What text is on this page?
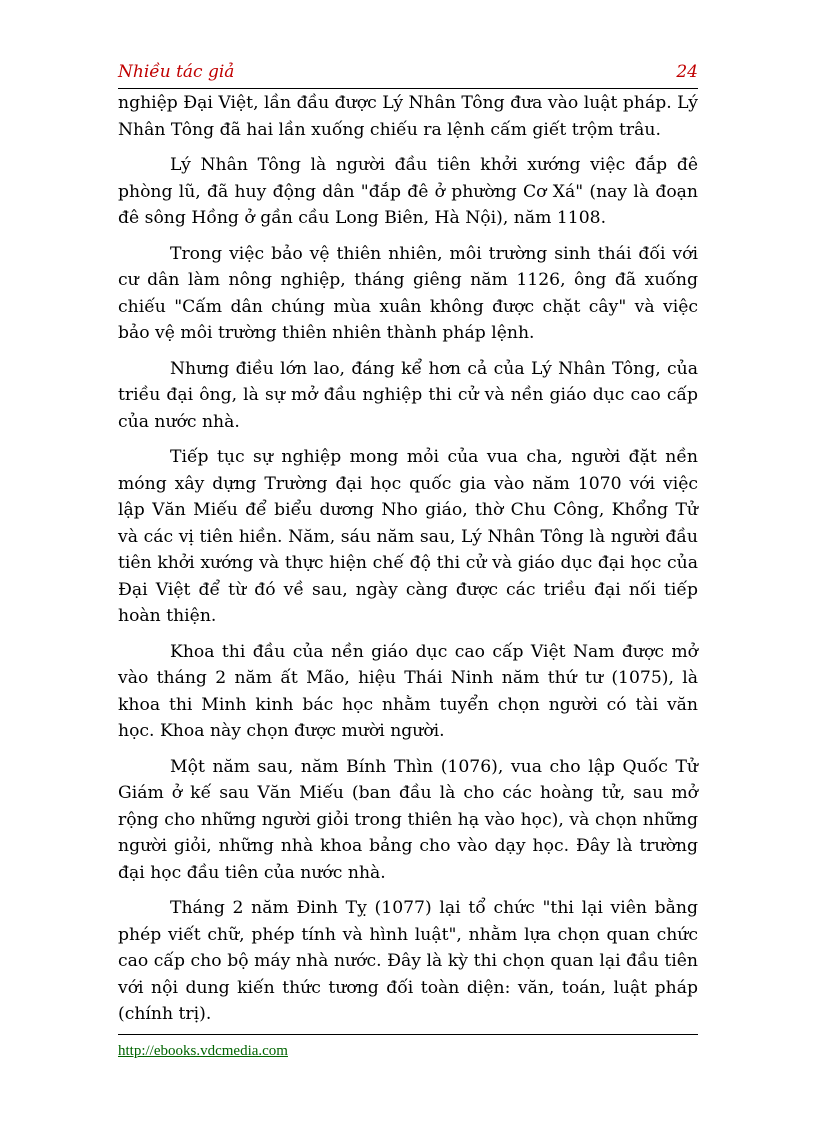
Nhiều tác giả	24

nghiệp Đại Việt, lần đầu được Lý Nhân Tông đưa vào luật pháp. Lý Nhân Tông đã hai lần xuống chiếu ra lệnh cấm giết trộm trâu.

Lý Nhân Tông là người đầu tiên khởi xướng việc đắp đê phòng lũ, đã huy động dân "đắp đê ở phường Cơ Xá" (nay là đoạn đê sông Hồng ở gần cầu Long Biên, Hà Nội), năm 1108.

Trong việc bảo vệ thiên nhiên, môi trường sinh thái đối với cư dân làm nông nghiệp, tháng giêng năm 1126, ông đã xuống chiếu "Cấm dân chúng mùa xuân không được chặt cây" và việc bảo vệ môi trường thiên nhiên thành pháp lệnh.

Nhưng điều lớn lao, đáng kể hơn cả của Lý Nhân Tông, của triều đại ông, là sự mở đầu nghiệp thi cử và nền giáo dục cao cấp của nước nhà.

Tiếp tục sự nghiệp mong mỏi của vua cha, người đặt nền móng xây dựng Trường đại học quốc gia vào năm 1070 với việc lập Văn Miếu để biểu dương Nho giáo, thờ Chu Công, Khổng Tử và các vị tiên hiền. Năm, sáu năm sau, Lý Nhân Tông là người đầu tiên khởi xướng và thực hiện chế độ thi cử và giáo dục đại học của Đại Việt để từ đó về sau, ngày càng được các triều đại nối tiếp hoàn thiện.

Khoa thi đầu của nền giáo dục cao cấp Việt Nam được mở vào tháng 2 năm ất Mão, hiệu Thái Ninh năm thứ tư (1075), là khoa thi Minh kinh bác học nhằm tuyển chọn người có tài văn học. Khoa này chọn được mười người.

Một năm sau, năm Bính Thìn (1076), vua cho lập Quốc Tử Giám ở kế sau Văn Miếu (ban đầu là cho các hoàng tử, sau mở rộng cho những người giỏi trong thiên hạ vào học), và chọn những người giỏi, những nhà khoa bảng cho vào dạy học. Đây là trường đại học đầu tiên của nước nhà.

Tháng 2 năm Đinh Tỵ (1077) lại tổ chức "thi lại viên bằng phép viết chữ, phép tính và hình luật", nhằm lựa chọn quan chức cao cấp cho bộ máy nhà nước. Đây là kỳ thi chọn quan lại đầu tiên với nội dung kiến thức tương đối toàn diện: văn, toán, luật pháp (chính trị).

http://ebooks.vdcmedia.com
